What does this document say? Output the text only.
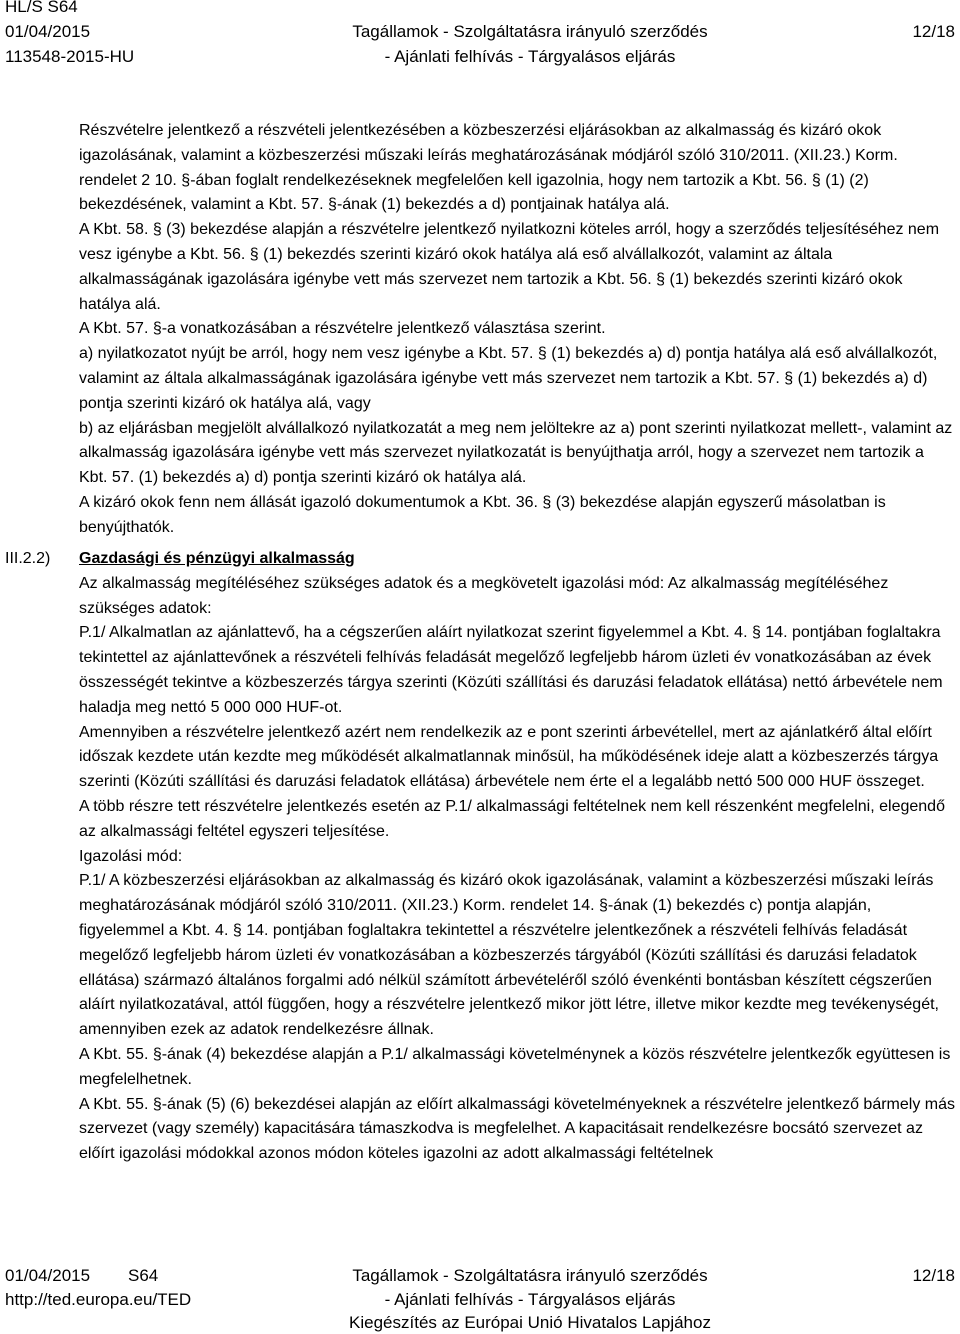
HL/S S64
01/04/2015
113548-2015-HU
Tagállamok - Szolgáltatásra irányuló szerződés
- Ajánlati felhívás - Tárgyalásos eljárás
12/18

Részvételre jelentkező a részvételi jelentkezésében a közbeszerzési eljárásokban az alkalmasság és kizáró okok igazolásának, valamint a közbeszerzési műszaki leírás meghatározásának módjáról szóló 310/2011. (XII.23.) Korm. rendelet 2 10. §-ában foglalt rendelkezéseknek megfelelően kell igazolnia, hogy nem tartozik a Kbt. 56. § (1) (2) bekezdésének, valamint a Kbt. 57. §-ának (1) bekezdés a d) pontjainak hatálya alá.

A Kbt. 58. § (3) bekezdése alapján a részvételre jelentkező nyilatkozni köteles arról, hogy a szerződés teljesítéséhez nem vesz igénybe a Kbt. 56. § (1) bekezdés szerinti kizáró okok hatálya alá eső alvállalkozót, valamint az általa alkalmasságának igazolására igénybe vett más szervezet nem tartozik a Kbt. 56. § (1) bekezdés szerinti kizáró okok hatálya alá.

A Kbt. 57. §-a vonatkozásában a részvételre jelentkező választása szerint.

a) nyilatkozatot nyújt be arról, hogy nem vesz igénybe a Kbt. 57. § (1) bekezdés a) d) pontja hatálya alá eső alvállalkozót, valamint az általa alkalmasságának igazolására igénybe vett más szervezet nem tartozik a Kbt. 57. § (1) bekezdés a) d) pontja szerinti kizáró ok hatálya alá, vagy

b) az eljárásban megjelölt alvállalkozó nyilatkozatát a meg nem jelöltekre az a) pont szerinti nyilatkozat mellett-, valamint az alkalmasság igazolására igénybe vett más szervezet nyilatkozatát is benyújthatja arról, hogy a szervezet nem tartozik a Kbt. 57. (1) bekezdés a) d) pontja szerinti kizáró ok hatálya alá.

A kizáró okok fenn nem állását igazoló dokumentumok a Kbt. 36. § (3) bekezdése alapján egyszerű másolatban is benyújthatók.

III.2.2) Gazdasági és pénzügyi alkalmasság

Az alkalmasság megítéléséhez szükséges adatok és a megkövetelt igazolási mód: Az alkalmasság megítéléséhez szükséges adatok:

P.1/ Alkalmatlan az ajánlattevő, ha a cégszerűen aláírt nyilatkozat szerint figyelemmel a Kbt. 4. § 14. pontjában foglaltakra tekintettel az ajánlattevőnek a részvételi felhívás feladását megelőző legfeljebb három üzleti év vonatkozásában az évek összességét tekintve a közbeszerzés tárgya szerinti (Közúti szállítási és daruzási feladatok ellátása) nettó árbevétele nem haladja meg nettó 5 000 000 HUF-ot.

Amennyiben a részvételre jelentkező azért nem rendelkezik az e pont szerinti árbevétellel, mert az ajánlatkérő által előírt időszak kezdete után kezdte meg működését alkalmatlannak minősül, ha működésének ideje alatt a közbeszerzés tárgya szerinti (Közúti szállítási és daruzási feladatok ellátása) árbevétele nem érte el a legalább nettó 500 000 HUF összeget.

A több részre tett részvételre jelentkezés esetén az P.1/ alkalmassági feltételnek nem kell részenként megfelelni, elegendő az alkalmassági feltétel egyszeri teljesítése.

Igazolási mód:

P.1/ A közbeszerzési eljárásokban az alkalmasság és kizáró okok igazolásának, valamint a közbeszerzési műszaki leírás meghatározásának módjáról szóló 310/2011. (XII.23.) Korm. rendelet 14. §-ának (1) bekezdés c) pontja alapján, figyelemmel a Kbt. 4. § 14. pontjában foglaltakra tekintettel a részvételre jelentkezőnek a részvételi felhívás feladását megelőző legfeljebb három üzleti év vonatkozásában a közbeszerzés tárgyából (Közúti szállítási és daruzási feladatok ellátása) származó általános forgalmi adó nélkül számított árbevételéről szóló évenkénti bontásban készített cégszerűen aláírt nyilatkozatával, attól függően, hogy a részvételre jelentkező mikor jött létre, illetve mikor kezdte meg tevékenységét, amennyiben ezek az adatok rendelkezésre állnak.

A Kbt. 55. §-ának (4) bekezdése alapján a P.1/ alkalmassági követelménynek a közös részvételre jelentkezők együttesen is megfelelhetnek.

A Kbt. 55. §-ának (5) (6) bekezdései alapján az előírt alkalmassági követelményeknek a részvételre jelentkező bármely más szervezet (vagy személy) kapacitására támaszkodva is megfelelhet. A kapacitásait rendelkezésre bocsátó szervezet az előírt igazolási módokkal azonos módon köteles igazolni az adott alkalmassági feltételnek

01/04/2015 S64
http://ted.europa.eu/TED
Tagállamok - Szolgáltatásra irányuló szerződés
- Ajánlati felhívás - Tárgyalásos eljárás
Kiegészítés az Európai Unió Hivatalos Lapjához
12/18
